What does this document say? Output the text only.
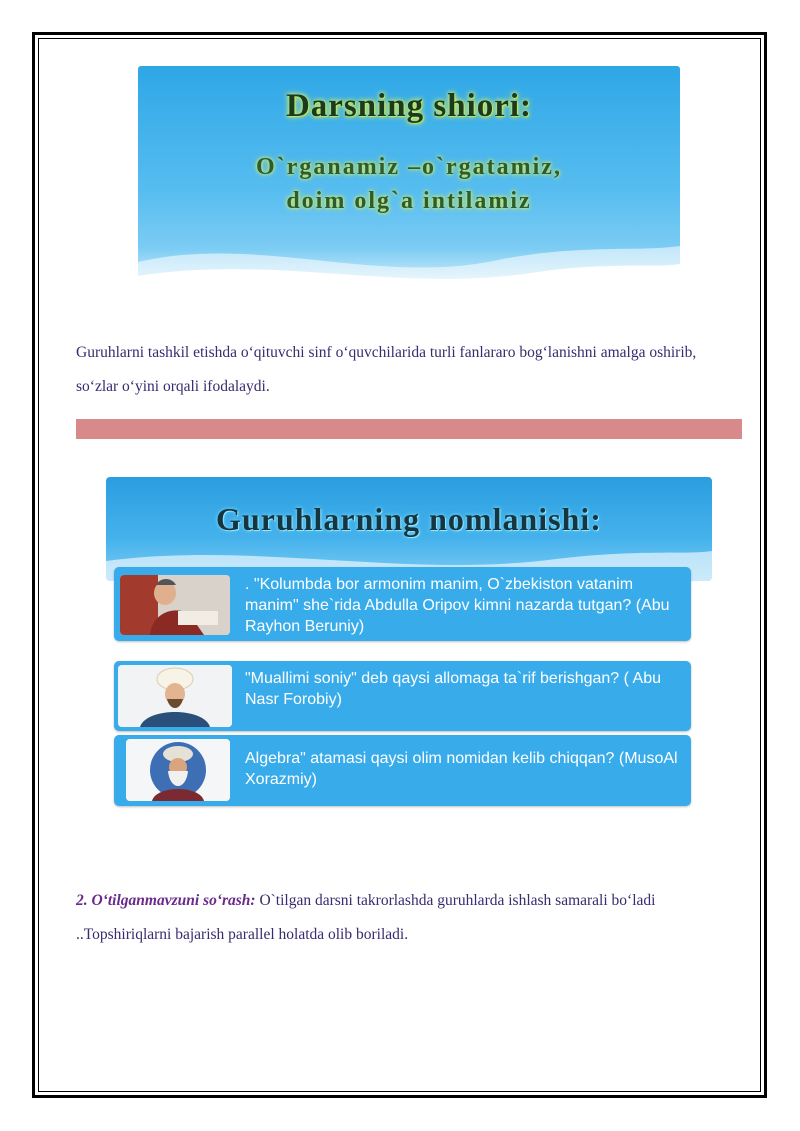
Darsning shiori:
O`rganamiz –o`rgatamiz,
doim olg`a intilamiz
Guruhlarni tashkil etishda o‘qituvchi sinf o‘quvchilarida turli fanlararo bog‘lanishni amalga oshirib, so‘zlar o‘yini orqali ifodalaydi.
Guruhlarning nomlanishi:
. "Kolumbda bor armonim manim, O`zbekiston vatanim manim" she`rida Abdulla Oripov kimni nazarda tutgan? (Abu Rayhon Beruniy)
"Muallimi soniy" deb qaysi allomaga ta`rif berishgan? ( Abu Nasr Forobiy)
Algebra" atamasi qaysi olim nomidan kelib chiqqan? (MusoAl Xorazmiy)
2. O‘tilganmavzuni so‘rash: O`tilgan darsni takrorlashda guruhlarda ishlash samarali bo‘ladi ..Topshiriqlarni bajarish parallel holatda olib boriladi.
